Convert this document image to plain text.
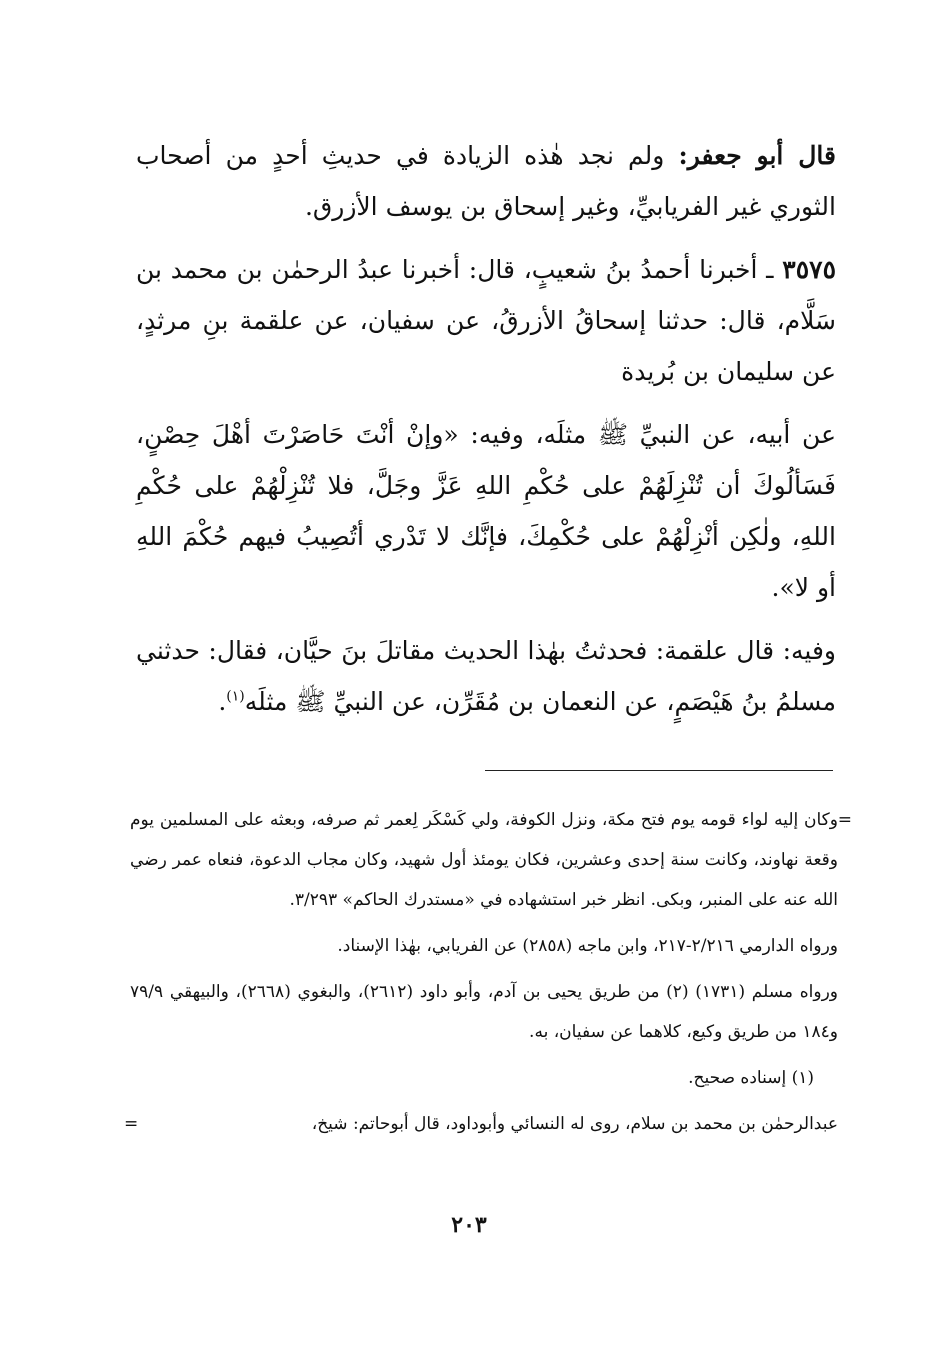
قال أبو جعفر: ولم نجد هٰذه الزيادة في حديثِ أحدٍ من أصحاب الثوري غير الفريابيِّ، وغير إسحاق بن يوسف الأزرق.

٣٥٧٥ ـ أخبرنا أحمدُ بنُ شعيبٍ، قال: أخبرنا عبدُ الرحمٰن بن محمد بن سَلَّام، قال: حدثنا إسحاقُ الأزرقُ، عن سفيان، عن علقمة بنِ مرثدٍ، عن سليمان بن بُريدة

عن أبيه، عن النبيِّ ﷺ مثلَه، وفيه: «وإنْ أنْتَ حَاصَرْتَ أهْلَ حِصْنٍ، فَسَألُوكَ أن تُنْزِلَهُمْ على حُكْمِ اللهِ عَزَّ وجَلَّ، فلا تُنْزِلْهُمْ على حُكْمِ اللهِ، ولٰكِن أنْزِلْهُمْ على حُكْمِكَ، فإنَّك لا تَدْري أتُصِيبُ فيهم حُكْمَ اللهِ أو لا».

وفيه: قال علقمة: فحدثتُ بهٰذا الحديث مقاتلَ بنَ حيَّان، فقال: حدثني مسلمُ بنُ هَيْصَمٍ، عن النعمان بن مُقَرِّن، عن النبيِّ ﷺ مثلَه$^{(١)}$.

=
وكان إليه لواء قومه يوم فتح مكة، ونزل الكوفة، ولي كَسْكَر لِعمر ثم صرفه، وبعثه على المسلمين يوم وقعة نهاوند، وكانت سنة إحدى وعشرين، فكان يومئذ أول شهيد، وكان مجاب الدعوة، فنعاه عمر رضي الله عنه على المنبر، وبكى. انظر خبر استشهاده في «مستدرك الحاكم» ٣/٢٩٣.

ورواه الدارمي ٢/٢١٦-٢١٧، وابن ماجه (٢٨٥٨) عن الفريابي، بهٰذا الإسناد.

ورواه مسلم (١٧٣١) (٢) من طريق يحيى بن آدم، وأبو داود (٢٦١٢)، والبغوي (٢٦٦٨)، والبيهقي ٧٩/٩ و١٨٤ من طريق وكيع، كلاهما عن سفيان، به.

(١) إسناده صحيح.

عبدالرحمٰن بن محمد بن سلام، روى له النسائي وأبوداود، قال أبوحاتم: شيخ،
=

٢٠٣
